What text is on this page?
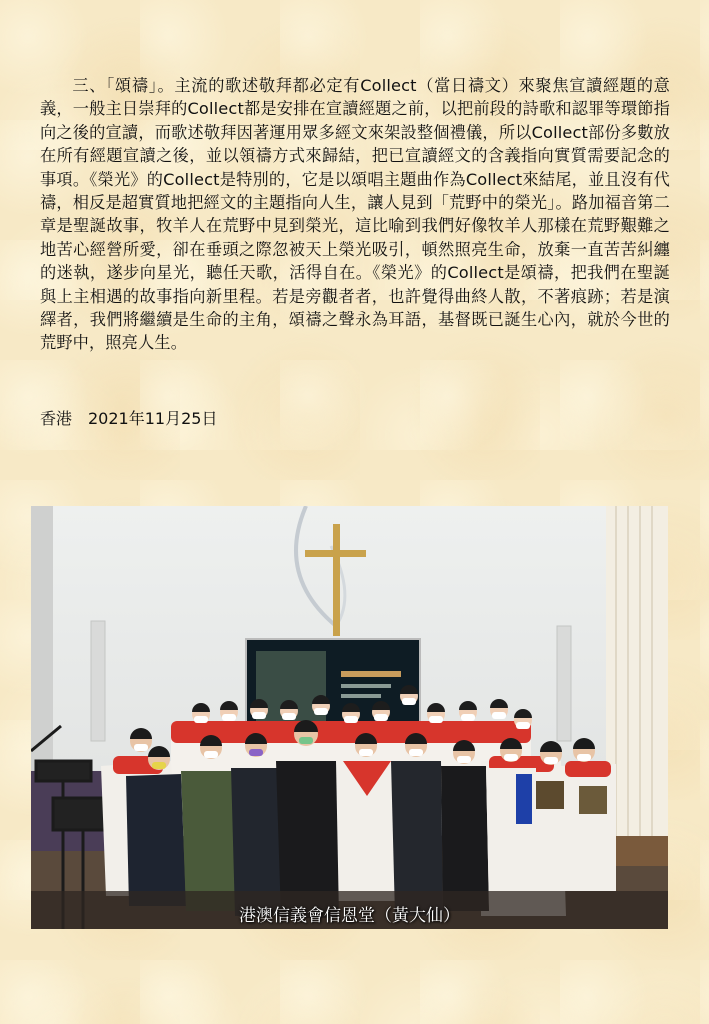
三、「頌禱」。主流的歌述敬拜都必定有Collect（當日禱文）來聚焦宣讀經題的意義，一般主日崇拜的Collect都是安排在宣讀經題之前，以把前段的詩歌和認罪等環節指向之後的宣讀，而歌述敬拜因著運用眾多經文來架設整個禮儀，所以Collect部份多數放在所有經題宣讀之後，並以領禱方式來歸結，把已宣讀經文的含義指向實質需要記念的事項。《榮光》的Collect是特別的，它是以頌唱主題曲作為Collect來結尾，並且沒有代禱，相反是超實質地把經文的主題指向人生，讓人見到「荒野中的榮光」。路加福音第二章是聖誕故事，牧羊人在荒野中見到榮光，這比喻到我們好像牧羊人那樣在荒野艱難之地苦心經營所愛，卻在垂頭之際忽被天上榮光吸引，頓然照亮生命，放棄一直苦苦糾纏的迷執，遂步向星光，聽任天歌，活得自在。《榮光》的Collect是頌禱，把我們在聖誕與上主相遇的故事指向新里程。若是旁觀者者，也許覺得曲終人散，不著痕跡；若是演繹者，我們將繼續是生命的主角，頌禱之聲永為耳語，基督既已誕生心內，就於今世的荒野中，照亮人生。
香港　2021年11月25日
港澳信義會信恩堂（黃大仙）
